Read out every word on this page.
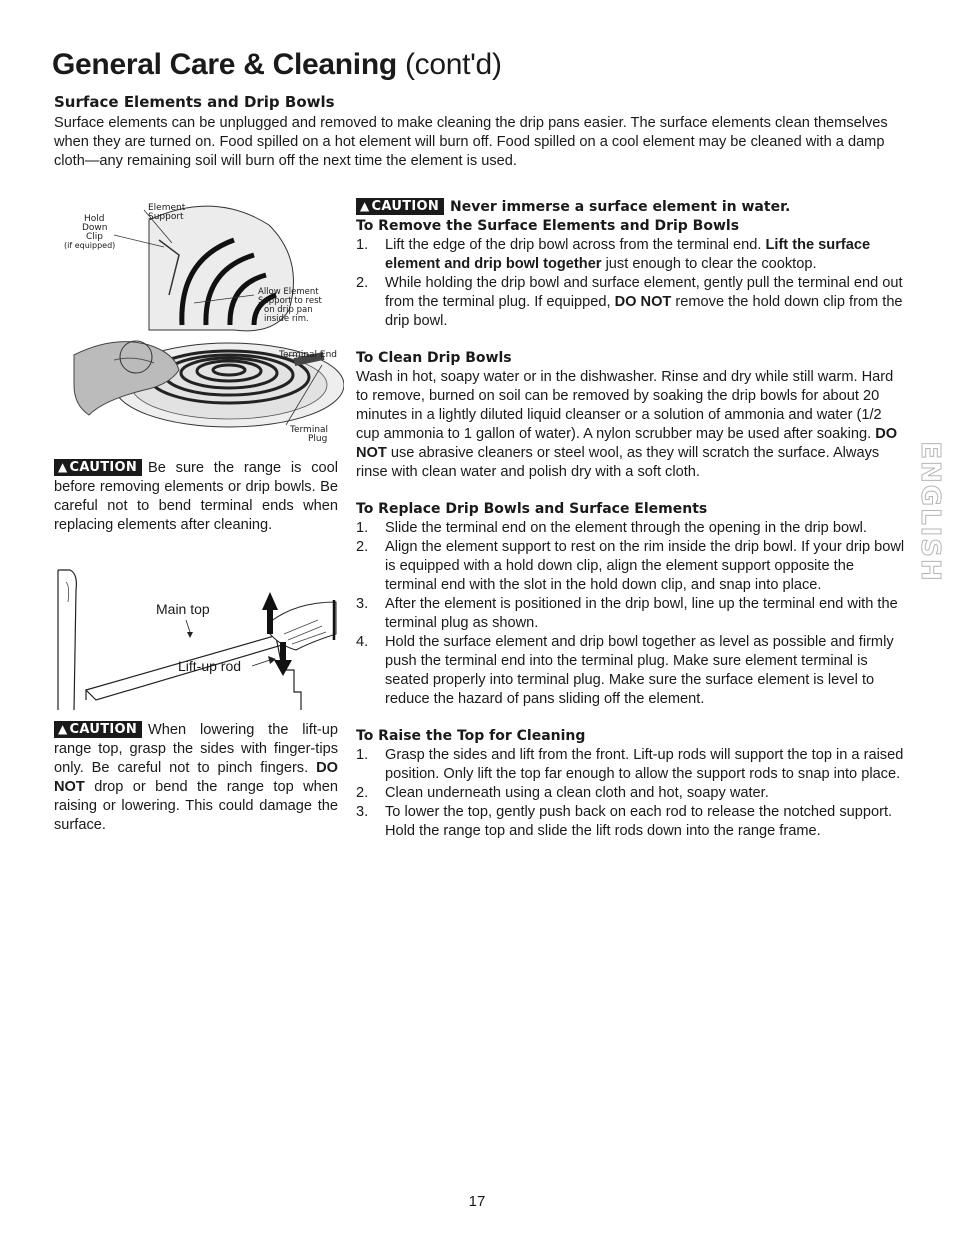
General Care & Cleaning (cont'd)
Surface Elements and Drip Bowls

Surface elements can be unplugged and removed to make cleaning the drip pans easier. The surface elements clean themselves when they are turned on. Food spilled on a hot element will burn off. Food spilled on a cool element may be cleaned with a damp cloth—any remaining soil will burn off the next time the element is used.

Element
Support
Hold
Down
Clip
(if equipped)
Allow Element
Support to rest
on drip pan
inside rim.
Terminal End
Terminal
Plug
▲ CAUTION Be sure the range is cool before removing elements or drip bowls. Be careful not to bend terminal ends when replacing elements after cleaning.
Main top
Lift-up rod
▲ CAUTION When lowering the lift-up range top, grasp the sides with finger-tips only. Be careful not to pinch fingers. DO NOT drop or bend the range top when raising or lowering. This could damage the surface.
▲ CAUTION Never immerse a surface element in water.
To Remove the Surface Elements and Drip Bowls
1. Lift the edge of the drip bowl across from the terminal end. Lift the surface element and drip bowl together just enough to clear the cooktop.
2. While holding the drip bowl and surface element, gently pull the terminal end out from the terminal plug. If equipped, DO NOT remove the hold down clip from the drip bowl.
To Clean Drip Bowls

Wash in hot, soapy water or in the dishwasher. Rinse and dry while still warm. Hard to remove, burned on soil can be removed by soaking the drip bowls for about 20 minutes in a lightly diluted liquid cleanser or a solution of ammonia and water (1/2 cup ammonia to 1 gallon of water). A nylon scrubber may be used after soaking. DO NOT use abrasive cleaners or steel wool, as they will scratch the surface. Always rinse with clean water and polish dry with a soft cloth.

To Replace Drip Bowls and Surface Elements
1. Slide the terminal end on the element through the opening in the drip bowl.
2. Align the element support to rest on the rim inside the drip bowl. If your drip bowl is equipped with a hold down clip, align the element support opposite the terminal end with the slot in the hold down clip, and snap into place.
3. After the element is positioned in the drip bowl, line up the terminal end with the terminal plug as shown.
4. Hold the surface element and drip bowl together as level as possible and firmly push the terminal end into the terminal plug. Make sure element terminal is seated properly into terminal plug. Make sure the surface element is level to reduce the hazard of pans sliding off the element.
To Raise the Top for Cleaning
1. Grasp the sides and lift from the front. Lift-up rods will support the top in a raised position. Only lift the top far enough to allow the support rods to snap into place.
2. Clean underneath using a clean cloth and hot, soapy water.
3. To lower the top, gently push back on each rod to release the notched support. Hold the range top and slide the lift rods down into the range frame.
ENGLISH
17
